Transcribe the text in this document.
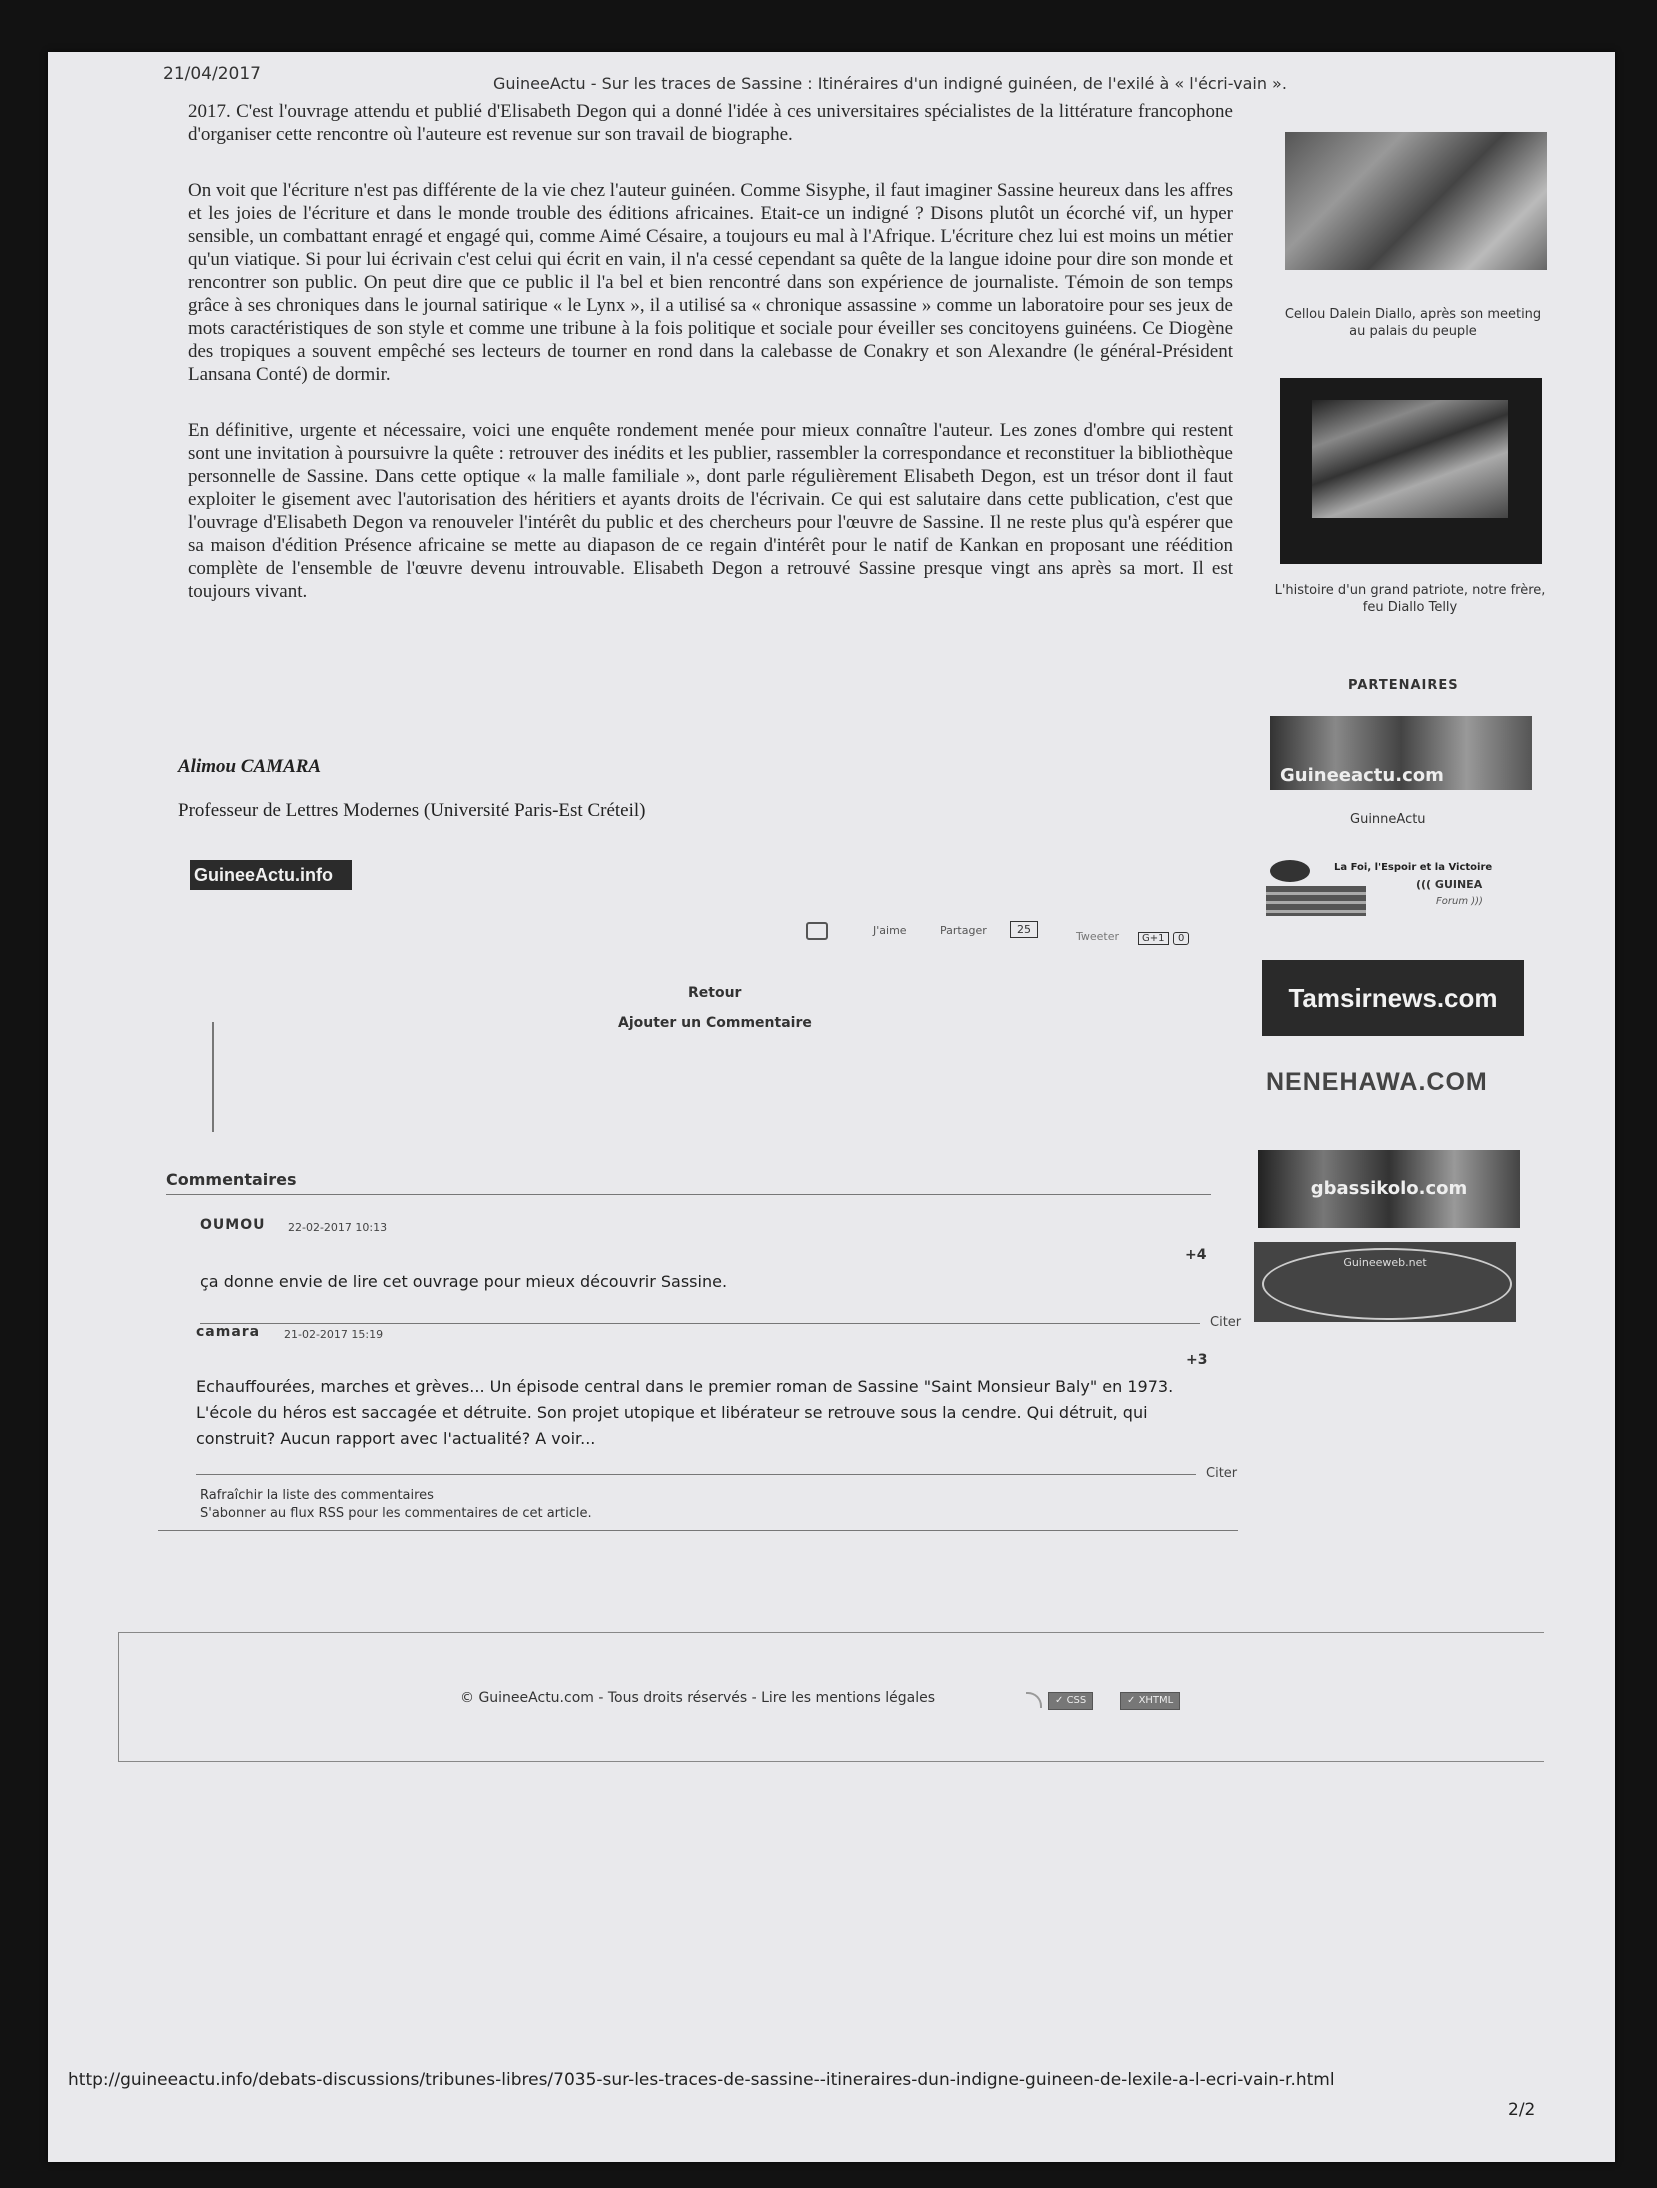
21/04/2017	GuineeActu - Sur les traces de Sassine : Itinéraires d'un indigné guinéen, de l'exilé à « l'écri-vain ».

2017. C'est l'ouvrage attendu et publié d'Elisabeth Degon qui a donné l'idée à ces universitaires spécialistes de la littérature francophone d'organiser cette rencontre où l'auteure est revenue sur son travail de biographe.

On voit que l'écriture n'est pas différente de la vie chez l'auteur guinéen. Comme Sisyphe, il faut imaginer Sassine heureux dans les affres et les joies de l'écriture et dans le monde trouble des éditions africaines. Etait-ce un indigné ? Disons plutôt un écorché vif, un hyper sensible, un combattant enragé et engagé qui, comme Aimé Césaire, a toujours eu mal à l'Afrique. L'écriture chez lui est moins un métier qu'un viatique. Si pour lui écrivain c'est celui qui écrit en vain, il n'a cessé cependant sa quête de la langue idoine pour dire son monde et rencontrer son public. On peut dire que ce public il l'a bel et bien rencontré dans son expérience de journaliste. Témoin de son temps grâce à ses chroniques dans le journal satirique « le Lynx », il a utilisé sa « chronique assassine » comme un laboratoire pour ses jeux de mots caractéristiques de son style et comme une tribune à la fois politique et sociale pour éveiller ses concitoyens guinéens. Ce Diogène des tropiques a souvent empêché ses lecteurs de tourner en rond dans la calebasse de Conakry et son Alexandre (le général-Président Lansana Conté) de dormir.

En définitive, urgente et nécessaire, voici une enquête rondement menée pour mieux connaître l'auteur. Les zones d'ombre qui restent sont une invitation à poursuivre la quête : retrouver des inédits et les publier, rassembler la correspondance et reconstituer la bibliothèque personnelle de Sassine. Dans cette optique « la malle familiale », dont parle régulièrement Elisabeth Degon, est un trésor dont il faut exploiter le gisement avec l'autorisation des héritiers et ayants droits de l'écrivain. Ce qui est salutaire dans cette publication, c'est que l'ouvrage d'Elisabeth Degon va renouveler l'intérêt du public et des chercheurs pour l'œuvre de Sassine. Il ne reste plus qu'à espérer que sa maison d'édition Présence africaine se mette au diapason de ce regain d'intérêt pour le natif de Kankan en proposant une réédition complète de l'ensemble de l'œuvre devenu introuvable. Elisabeth Degon a retrouvé Sassine presque vingt ans après sa mort. Il est toujours vivant.

Alimou CAMARA
Professeur de Lettres Modernes (Université Paris-Est Créteil)
GuineeActu.info
J'aime	Partager	25
Tweeter	G+1	0
Retour
Ajouter un Commentaire
Commentaires
OUMOU 22-02-2017 10:13
+4
ça donne envie de lire cet ouvrage pour mieux découvrir Sassine.
Citer
camara 21-02-2017 15:19
+3
Echauffourées, marches et grèves... Un épisode central dans le premier roman de Sassine "Saint Monsieur Baly" en 1973. L'école du héros est saccagée et détruite. Son projet utopique et libérateur se retrouve sous la cendre. Qui détruit, qui construit? Aucun rapport avec l'actualité? A voir...
Citer
Rafraîchir la liste des commentaires
S'abonner au flux RSS pour les commentaires de cet article.
© GuineeActu.com - Tous droits réservés - Lire les mentions légales	✓ CSS	✓ XHTML
Cellou Dalein Diallo, après son meeting au palais du peuple
L'histoire d'un grand patriote, notre frère, feu Diallo Telly
PARTENAIRES
Guineeactu.com
GuinneActu
La Foi, l'Espoir et la Victoire
((( GUINEA
Forum )))
Tamsirnews.com
NENEHAWA.COM
gbassikolo.com
Guineeweb.net
http://guineeactu.info/debats-discussions/tribunes-libres/7035-sur-les-traces-de-sassine--itineraires-dun-indigne-guineen-de-lexile-a-l-ecri-vain-r.html
2/2
